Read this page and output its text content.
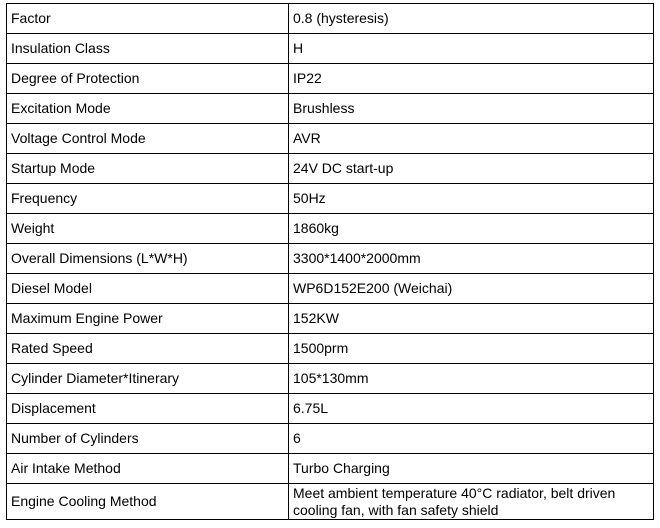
Factor	0.8 (hysteresis)
Insulation Class	H
Degree of Protection	IP22
Excitation Mode	Brushless
Voltage Control Mode	AVR
Startup Mode	24V DC start-up
Frequency	50Hz
Weight	1860kg
Overall Dimensions (L*W*H)	3300*1400*2000mm
Diesel Model	WP6D152E200 (Weichai)
Maximum Engine Power	152KW
Rated Speed	1500prm
Cylinder Diameter*Itinerary	105*130mm
Displacement	6.75L
Number of Cylinders	6
Air Intake Method	Turbo Charging
Engine Cooling Method	Meet ambient temperature 40°C radiator, belt driven cooling fan, with fan safety shield
